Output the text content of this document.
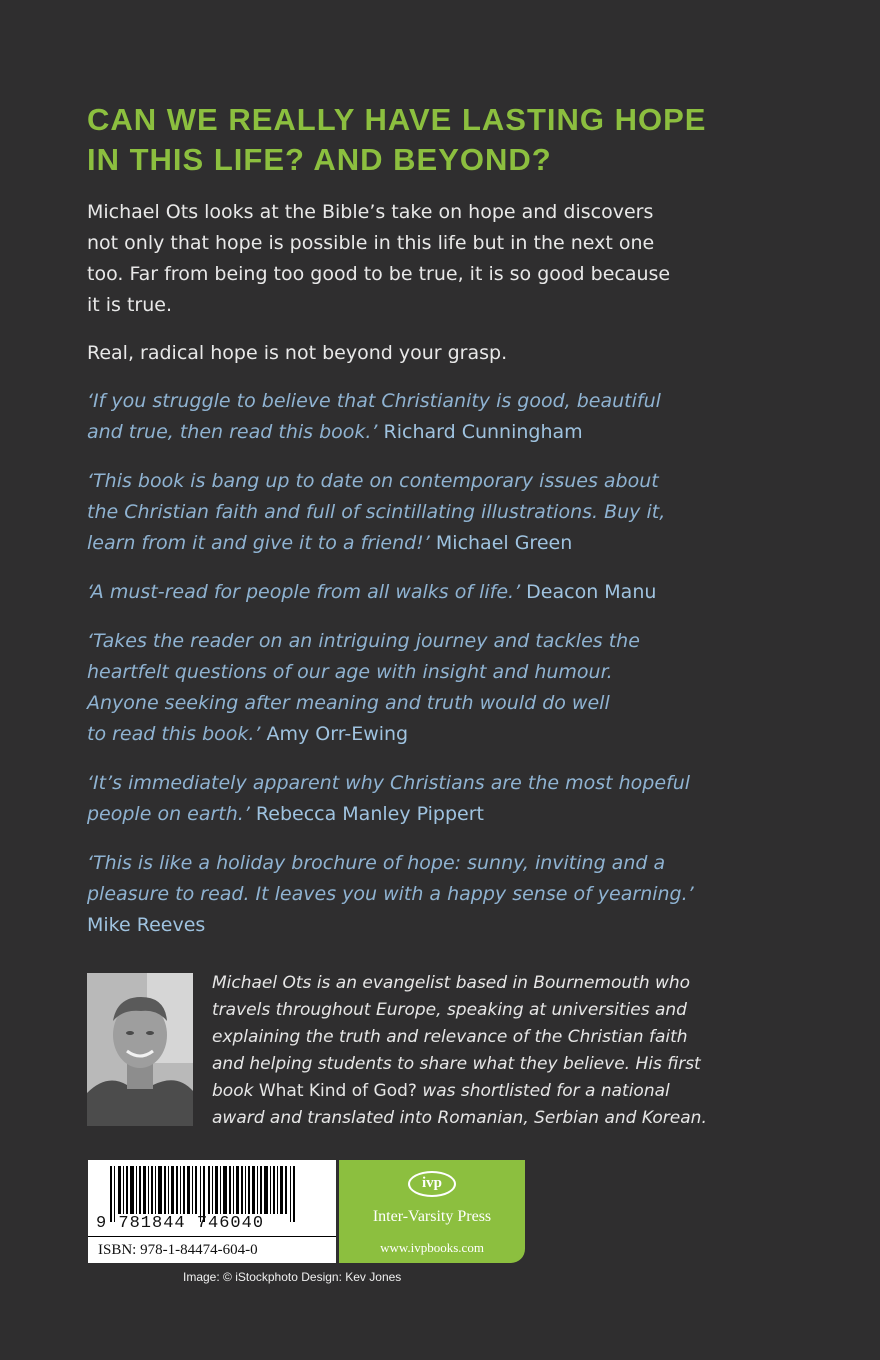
CAN WE REALLY HAVE LASTING HOPE
IN THIS LIFE? AND BEYOND?
Michael Ots looks at the Bible’s take on hope and discovers
not only that hope is possible in this life but in the next one
too. Far from being too good to be true, it is so good because
it is true.
Real, radical hope is not beyond your grasp.
‘If you struggle to believe that Christianity is good, beautiful
and true, then read this book.’ Richard Cunningham
‘This book is bang up to date on contemporary issues about
the Christian faith and full of scintillating illustrations. Buy it,
learn from it and give it to a friend!’ Michael Green
‘A must-read for people from all walks of life.’ Deacon Manu
‘Takes the reader on an intriguing journey and tackles the
heartfelt questions of our age with insight and humour.
Anyone seeking after meaning and truth would do well
to read this book.’ Amy Orr-Ewing
‘It’s immediately apparent why Christians are the most hopeful
people on earth.’ Rebecca Manley Pippert
‘This is like a holiday brochure of hope: sunny, inviting and a
pleasure to read. It leaves you with a happy sense of yearning.’
Mike Reeves
Michael Ots is an evangelist based in Bournemouth who
travels throughout Europe, speaking at universities and
explaining the truth and relevance of the Christian faith
and helping students to share what they believe. His first
book What Kind of God? was shortlisted for a national
award and translated into Romanian, Serbian and Korean.
9 781844 746040
ISBN: 978-1-84474-604-0
ivp
Inter-Varsity Press
www.ivpbooks.com
Image: © iStockphoto Design: Kev Jones
